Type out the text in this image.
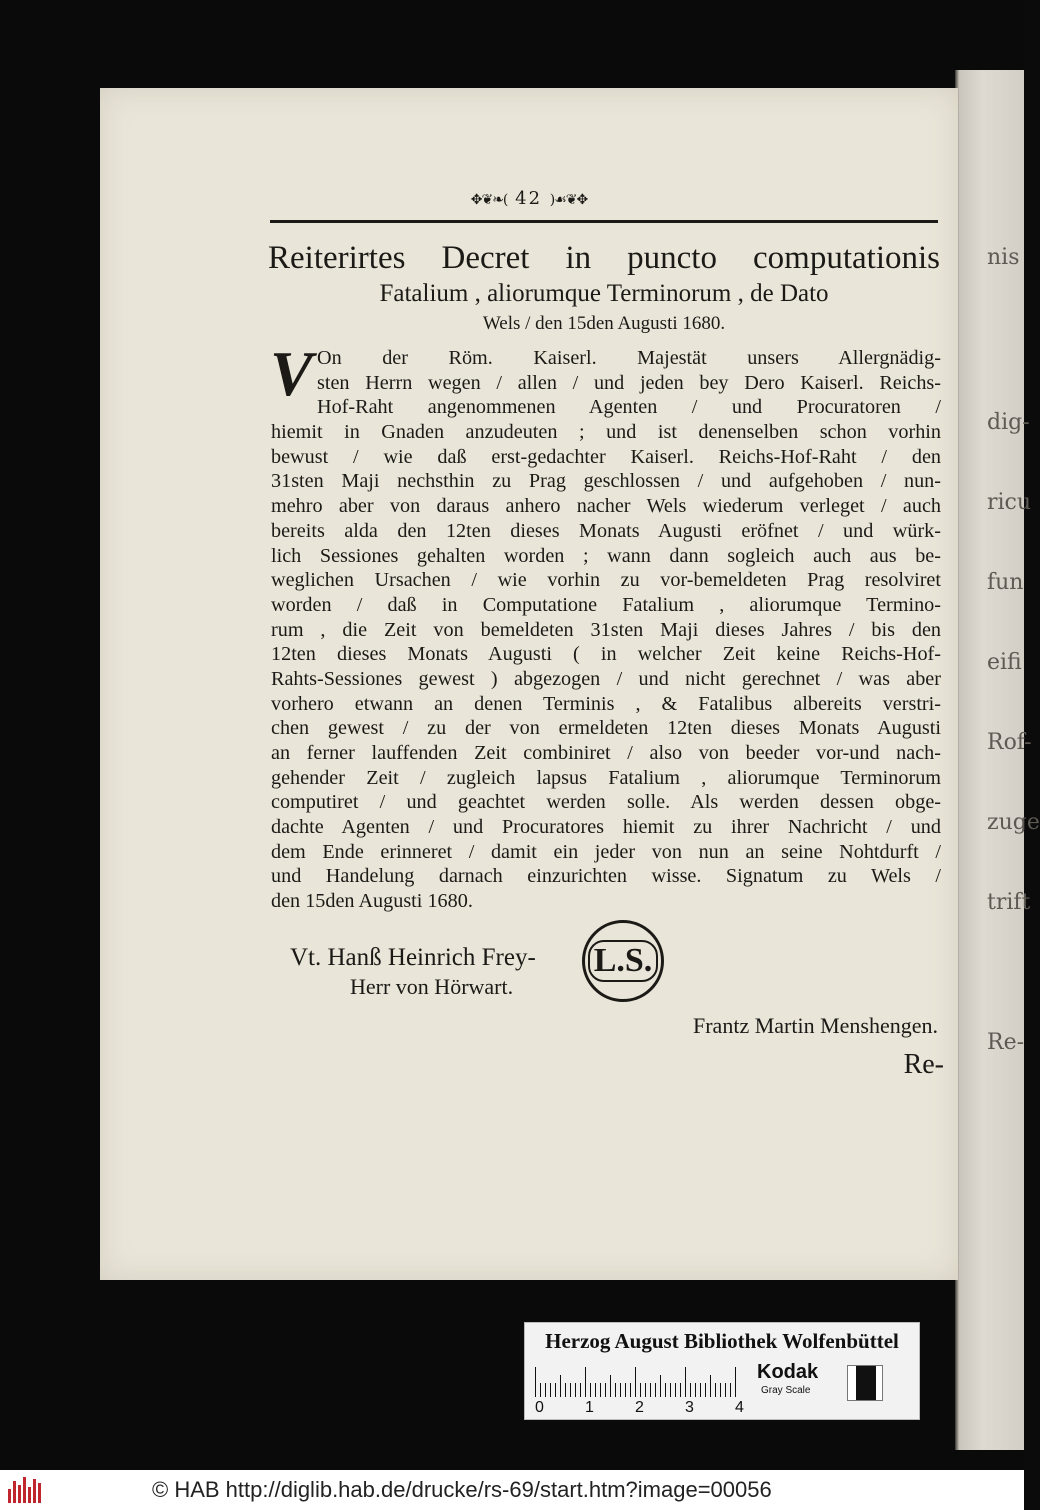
nis
dig-
ricu
fun
eifi
Rof-
zuge
trift
Re-

✥❦❧( 42 )☙❦✥
Reiterirtes Decret in puncto computationis
Fatalium , aliorumque Terminorum , de Dato
Wels / den 15den Augusti 1680.
V On der Röm. Kaiserl. Majestät unsers Allergnädig-
sten Herrn wegen / allen / und jeden bey Dero Kaiserl. Reichs-
Hof-Raht angenommenen Agenten / und Procuratoren /
hiemit in Gnaden anzudeuten ; und ist denenselben schon vorhin
bewust / wie daß erst-gedachter Kaiserl. Reichs-Hof-Raht / den
31sten Maji nechsthin zu Prag geschlossen / und aufgehoben / nun-
mehro aber von daraus anhero nacher Wels wiederum verleget / auch
bereits alda den 12ten dieses Monats Augusti eröfnet / und würk-
lich Sessiones gehalten worden ; wann dann sogleich auch aus be-
weglichen Ursachen / wie vorhin zu vor-bemeldeten Prag resolviret
worden / daß in Computatione Fatalium , aliorumque Termino-
rum , die Zeit von bemeldeten 31sten Maji dieses Jahres / bis den
12ten dieses Monats Augusti ( in welcher Zeit keine Reichs-Hof-
Rahts-Sessiones gewest ) abgezogen / und nicht gerechnet / was aber
vorhero etwann an denen Terminis , & Fatalibus albereits verstri-
chen gewest / zu der von ermeldeten 12ten dieses Monats Augusti
an ferner lauffenden Zeit combiniret / also von beeder vor-und nach-
gehender Zeit / zugleich lapsus Fatalium , aliorumque Terminorum
computiret / und geachtet werden solle. Als werden dessen obge-
dachte Agenten / und Procuratores hiemit zu ihrer Nachricht / und
dem Ende erinneret / damit ein jeder von nun an seine Nohtdurft /
und Handelung darnach einzurichten wisse. Signatum zu Wels /
den 15den Augusti 1680.
Vt. Hanß Heinrich Frey-
Herr von Hörwart.
L.S.
Frantz Martin Menshengen.
Re-
Herzog August Bibliothek Wolfenbüttel
0	1	2	3	4
Kodak
Gray Scale
© HAB http://diglib.hab.de/drucke/rs-69/start.htm?image=00056
